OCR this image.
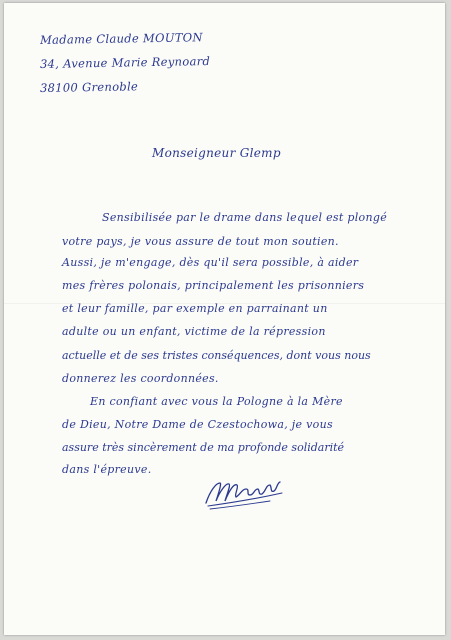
Madame Claude MOUTON
34, Avenue Marie Reynoard
38100 Grenoble
Monseigneur Glemp
Sensibilisée par le drame dans lequel est plongé
votre pays, je vous assure de tout mon soutien.
Aussi, je m'engage, dès qu'il sera possible, à aider
mes frères polonais, principalement les prisonniers
et leur famille, par exemple en parrainant un
adulte ou un enfant, victime de la répression
actuelle et de ses tristes conséquences, dont vous nous
donnerez les coordonnées.
En confiant avec vous la Pologne à la Mère
de Dieu, Notre Dame de Czestochowa, je vous
assure très sincèrement de ma profonde solidarité
dans l'épreuve.
